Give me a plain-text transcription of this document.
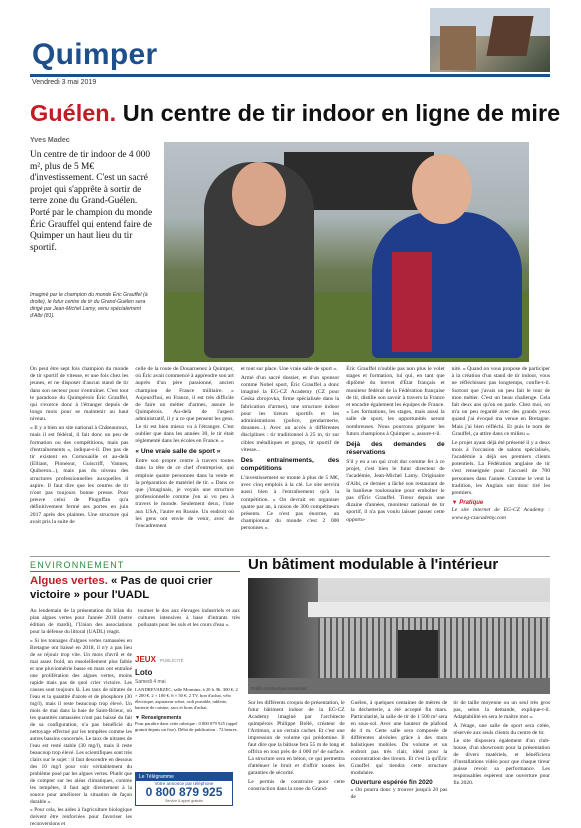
Quimper
Vendredi 3 mai 2019
Guélen. Un centre de tir indoor en ligne de mire
Yves Madec
Un centre de tir indoor de 4 000 m², plus de 5 M€ d'investissement. C'est un sacré projet qui s'apprête à sortir de terre zone du Grand-Guélen. Porté par le champion du monde Éric Grauffel qui entend faire de Quimper un haut lieu du tir sportif.
Imaginé par le champion du monde Éric Grauffel (à droite), le futur centre de tir du Grand-Guélen sera dirigé par Jean-Michel Lamy, venu spécialement d'Albi (81).

On peut être sept fois champion du monde de tir sportif de vitesse, et une fois chez les jeunes, et ne disposer d'aucun stand de tir dans son secteur pour s'entraîner. C'est tout le paradoxe du Quimpérois Éric Grauffel, qui s'exerce donc à l'étranger depuis de longs mois pour se maintenir au haut niveau.

« Il y a bien un site national à Châteauroux, mais il est fédéral, il fait donc un peu de formation ou des compétitions, mais pas d'entraînements », indique-t-il. Des pas de tir existent en Cornouaille et au-delà (Elliant, Plonéour, Guiscriff, Vannes, Quiberon...), mais pas du niveau des structures professionnelles auxquelles il aspire. Il faut dire que les centres de tir n'ont pas toujours bonne presse. Pour preuve celui de Pluguffan qu'a définitivement fermé ses portes en juin 2017 après des plaintes. Une structure qui avait pris la suite de

celle de la route de Douarnenez à Quimper, où Éric avait commencé à apprendre son art auprès d'un père passionné, ancien champion de France militaire. « Aujourd'hui, en France, il est très difficile de faire un métier d'armes, assure le Quimpérois. Au-delà de l'aspect administratif, il y a ce que pensent les gens. Le tir est bien mieux vu à l'étranger. C'est oublier que dans les années 30, le tir était réglementé dans les écoles en France. »

« Une vraie salle de sport »

Entre son propre centre à travers toutes dans la tête de ce chef d'entreprise, qui emploie quatre personnes dans la vente et la préparation de matériel de tir. « Dans ce que j'imaginais, je voyais une structure professionnelle comme j'en ai vu peu à travers le monde. Seulement deux, l'une aux USA, l'autre en Russie. Un endroit où les gens ont envie de venir, avec de l'encadrement

et tout sur place. Une vraie salle de sport ».

Armé d'un sacré dossier, et d'un sponsor comme Nobel sport, Éric Grauffel a donc imaginé la EG-CZ Academy (CZ pour Ceska zbrojovka, firme spécialisée dans la fabrication d'armes), une structure indoor pour les tireurs sportifs et les administrations (police, gendarmerie, douanes...). Avec un accès à différentes disciplines : tir traditionnel à 25 m, tir sur cibles métalliques et gongs, tir sportif de vitesse...

Des entraînements, des compétitions

L'investissement se monte à plus de 5 M€, avec cinq emplois à la clé. Le site servira aussi bien à l'entraînement qu'à la compétition. « On devrait en organiser quatre par an, à raison de 300 compétiteurs présents. Ce n'est pas énorme, un championnat du monde c'est 2 000 personnes ».

Éric Grauffel n'oublie pas non plus le volet stages et formation, lui qui, en tant que diplômé du brevet d'État français et moniteur fédéral de la Fédération française de tir, distille son savoir à travers la France et encadre également les équipes de France. « Les formations, les stages, mais aussi la salle de sport, les opportunités seront nombreuses. Nous pourrons préparer les futurs champions à Quimper », assure-t-il.

Déjà des demandes de réservations

S'il y en a un qui croit dur comme fer à ce projet, c'est bien le futur directeur de l'académie, Jean-Michel Lamy. Originaire d'Albi, ce dernier a lâché son restaurant de la banlieue toulousaine pour embolter le pas d'Éric Grauffel. Tireur depuis une dizaine d'années, moniteur national de tir sportif, il n'a pas voulu laisser passer cette opportu-

nité. « Quand on vous propose de participer à la création d'un stand de tir indoor, vous ne réfléchissez pas longtemps, confie-t-il. Surtout que j'avais un peu fait le tour de mon métier. C'est un beau challenge. Cela fait deux ans qu'on en parle. Chez moi, on m'a un peu regardé avec des grands yeux quand j'ai évoqué ma venue en Bretagne. Mais j'ai bien réfléchi. Et puis le nom de Grauffel, ça attire dans ce milieu ».

Le projet ayant déjà été présenté il y a deux mois à l'occasion de salons spécialisés, l'académie a déjà ses premiers clients potentiels. La Fédération anglaise de tir s'est renseignée pour l'accueil de 700 personnes dans l'année. Comme le veut la tradition, les Anglais ont donc tiré les premiers.

▼ Pratique

Le site internet de EG-CZ Academy : www.eg-czacademy.com

ENVIRONNEMENT
Algues vertes. « Pas de quoi crier victoire » pour l'UADL

Au lendemain de la présentation du bilan du plan algues vertes pour l'année 2018 (notre édition de mardi), l'Union des associations pour la défense du littoral (UADL) réagit.

« Si les tonnages d'algues vertes ramassées en Bretagne ont baissé en 2018, il n'y a pas lieu de se réjouir trop vite. Un mois d'avril et de mai assez froid, un ensoleillement plus faible et une pluviométrie basse en mars ont entraîné une prolifération des algues vertes, moins rapide mais pas de quoi crier victoire. Les causes sont toujours là. Les taux de nitrates de l'eau et la quantité d'azote et de phosphore (30 mg/l), mais il reste beaucoup trop élevé. Un mois de mai dans la baie de Saint-Brieuc, où les quantités ramassées n'ont pas baissé du fait de sa configuration, n'a pas bénéficié du nettoyage effectué par les tempêtes comme les autres bassins concernés. Le taux de nitrates de l'eau est resté stable (30 mg/l), mais il reste beaucoup trop élevé. Les scientifiques sont très clairs sur le sujet : il faut descendre en dessous des 10 mg/l pour voir véritablement du problème posé par les algues vertes. Plutôt que de compter sur les aléas climatiques, comme les tempêtes, il faut agir directement à la source pour améliorer la situation de façon durable ».

« Pour cela, les aides à l'agriculture biologique doivent être renforcées pour favoriser les reconversions et

tourner le dos aux élevages industriels et aux cultures intensives à base d'intrants très polluants pour les sols et les cours d'eau ».

JEUX PUBLICITÉ
Loto
Samedi 4 mai
LANDREVARZEC, salle Mormine, à 20 h. Bi. 300 €, 2 × 200 €, 2 × 100 €, 6 × 50 €, 2 TV, bon d'achat, vélo électrique, aspirateur robot, ordi portable, tablette, batterie de cuisine, sacs et bons d'achat.
▼ Renseignements
Pour paraître dans cette rubrique : 0 800 879 925 (appel gratuit depuis un fixe). Délai de publication : 72 heures.
Le Télégramme
Votre annonce par téléphone
0 800 879 925
Service & appel gratuits
Un bâtiment modulable à l'intérieur
Profil Architecture Associés

Sur les différents croquis de présentation, le futur bâtiment indoor de la EG-CZ Academy imaginé par l'architecte quimpérois Philippe Brélé, créateur de l'Artimon, a un certain cachet. Et c'est une impression de volume qui prédomine. Il faut dire que la bâtisse fera 55 m de long et offrira en tout près de 4 000 m² de surface. La structure sera en béton, ce qui permettra d'atténuer le bruit et d'offrir toutes les garanties de sécurité.

Le permis de construire pour cette construction dans la zone du Grand-

Guélen, à quelques centaines de mètres de la déchetterie, a été accepté fin mars. Particularité, la salle de tir de 1 500 m² sera en sous-sol. Avec une hauteur de plafond de 4 m. Cette salle sera composée de différentes alvéoles grâce à des murs balistiques mobiles. Du volume et un endroit pas très clair, idéal pour la concentration des tireurs. Et c'est là qu'Éric Grauffel qui tiendra cette structure modulaire.

Ouverture espérée fin 2020

« On pourra donc y trouver jusqu'à 20 pas de

tir de taille moyenne ou un seul très gros pas, selon la demande, explique-t-il. Adaptabilité en sera le maître mot ».

À l'étage, une salle de sport sera créée, réservée aux seuls clients du centre de tir.

Le site disposera également d'un club-house, d'un showroom pour la présentation de divers matériels, et bénéficiera d'installations vidéo pour que chaque tireur puisse revoir sa performance. Les responsables espèrent une ouverture pour fin 2020.
